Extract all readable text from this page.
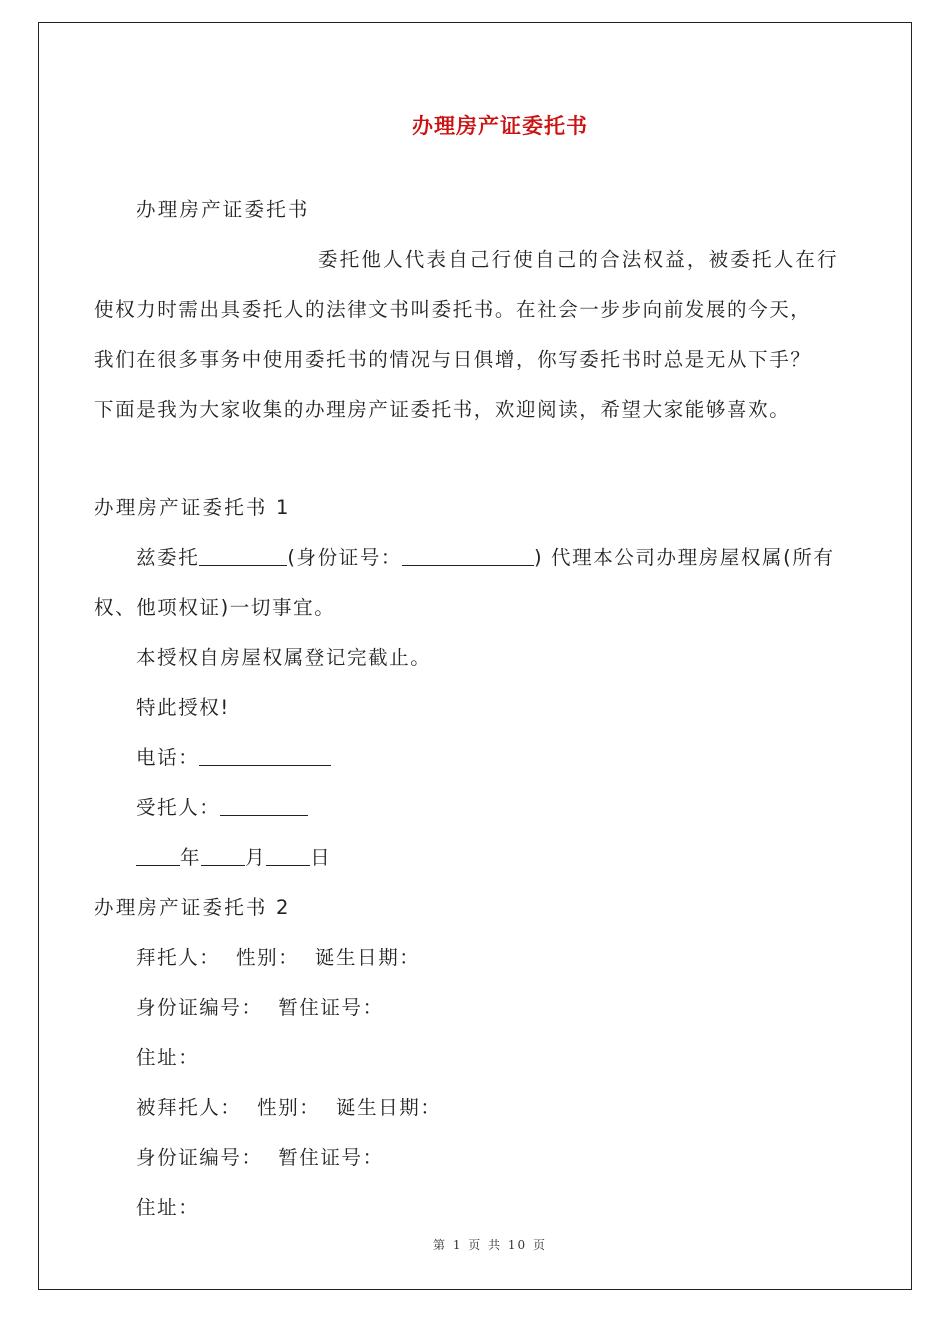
办理房产证委托书
办理房产证委托书
委托他人代表自己行使自己的合法权益，被委托人在行
使权力时需出具委托人的法律文书叫委托书。在社会一步步向前发展的今天，
我们在很多事务中使用委托书的情况与日俱增，你写委托书时总是无从下手？
下面是我为大家收集的办理房产证委托书，欢迎阅读，希望大家能够喜欢。
办理房产证委托书 1
兹委托	(身份证号：	) 代理本公司办理房屋权属(所有
权、他项权证)一切事宜。
本授权自房屋权属登记完截止。
特此授权!
电话：
受托人：
年 月 日
办理房产证委托书 2
拜托人：  性别：  诞生日期：
身份证编号：  暂住证号：
住址：
被拜托人：  性别：  诞生日期：
身份证编号：  暂住证号：
住址：
第 1 页 共 10 页
